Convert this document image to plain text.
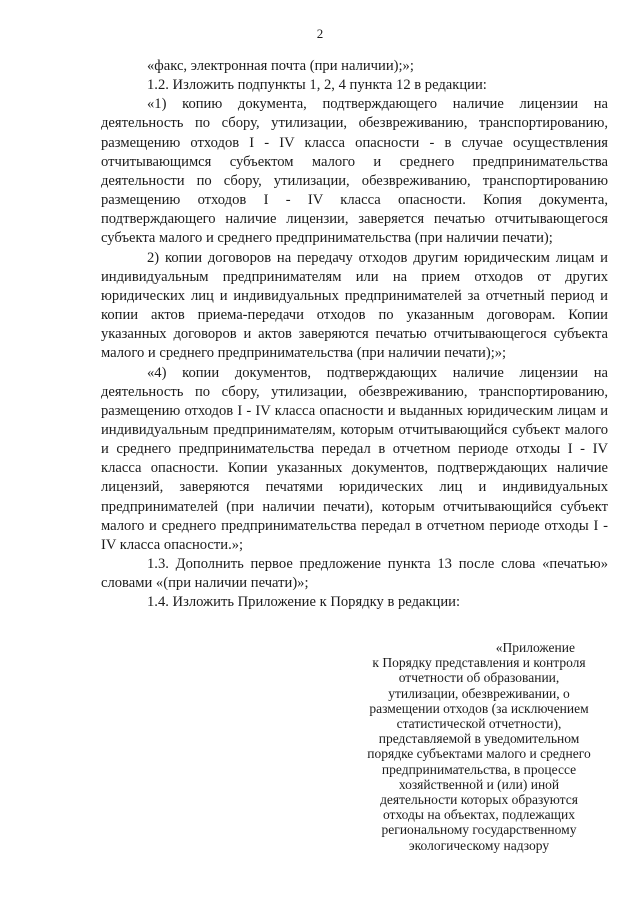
2

«факс, электронная почта (при наличии);»;

1.2. Изложить подпункты 1, 2, 4 пункта 12 в редакции:

«1) копию документа, подтверждающего наличие лицензии на деятельность по сбору, утилизации, обезвреживанию, транспортированию, размещению отходов I - IV класса опасности - в случае осуществления отчитывающимся субъектом малого и среднего предпринимательства деятельности по сбору, утилизации, обезвреживанию, транспортированию размещению отходов I - IV класса опасности. Копия документа, подтверждающего наличие лицензии, заверяется печатью отчитывающегося субъекта малого и среднего предпринимательства (при наличии печати);

2) копии договоров на передачу отходов другим юридическим лицам и индивидуальным предпринимателям или на прием отходов от других юридических лиц и индивидуальных предпринимателей за отчетный период и копии актов приема-передачи отходов по указанным договорам. Копии указанных договоров и актов заверяются печатью отчитывающегося субъекта малого и среднего предпринимательства (при наличии печати);»;

«4) копии документов, подтверждающих наличие лицензии на деятельность по сбору, утилизации, обезвреживанию, транспортированию, размещению отходов I - IV класса опасности и выданных юридическим лицам и индивидуальным предпринимателям, которым отчитывающийся субъект малого и среднего предпринимательства передал в отчетном периоде отходы I - IV класса опасности. Копии указанных документов, подтверждающих наличие лицензий, заверяются печатями юридических лиц и индивидуальных предпринимателей (при наличии печати), которым отчитывающийся субъект малого и среднего предпринимательства передал в отчетном периоде отходы I - IV класса опасности.»;

1.3. Дополнить первое предложение пункта 13 после слова «печатью» словами «(при наличии печати)»;

1.4. Изложить Приложение к Порядку в редакции:

«Приложение
к Порядку представления и контроля
отчетности об образовании,
утилизации, обезвреживании, о
размещении отходов (за исключением
статистической отчетности),
представляемой в уведомительном
порядке субъектами малого и среднего
предпринимательства, в процессе
хозяйственной и (или) иной
деятельности которых образуются
отходы на объектах, подлежащих
региональному государственному
экологическому надзору
